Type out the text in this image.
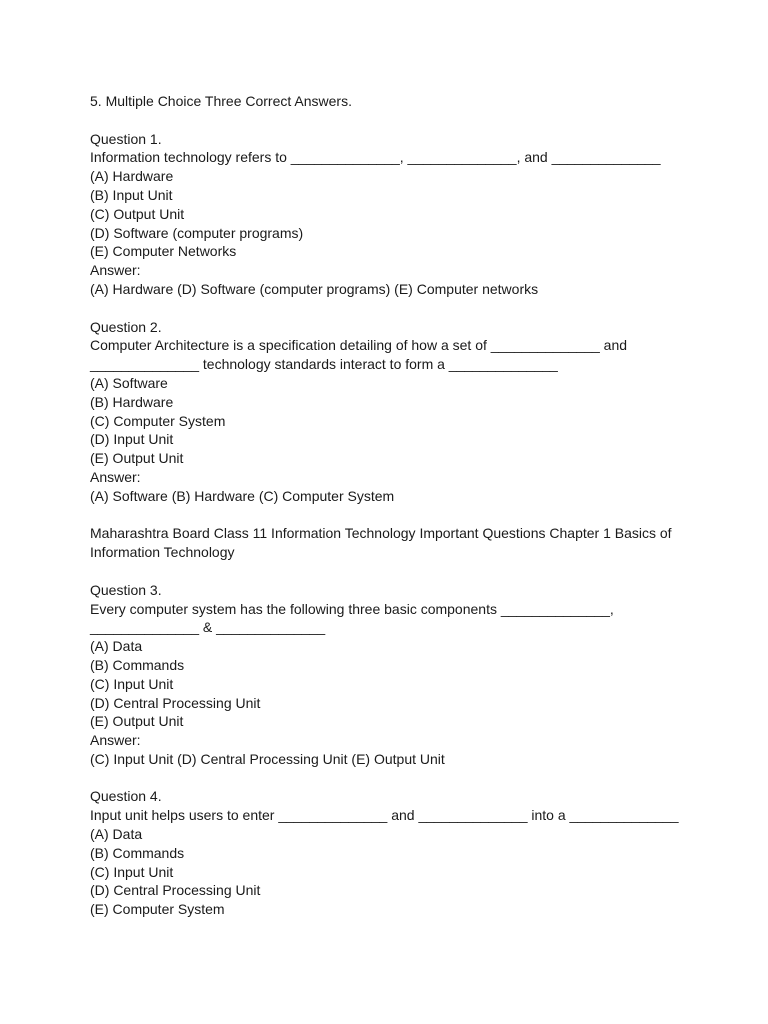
5. Multiple Choice Three Correct Answers.

Question 1.

Information technology refers to ______________, ______________, and ______________

(A) Hardware

(B) Input Unit

(C) Output Unit

(D) Software (computer programs)

(E) Computer Networks

Answer:

(A) Hardware (D) Software (computer programs) (E) Computer networks

Question 2.

Computer Architecture is a specification detailing of how a set of ______________ and

______________ technology standards interact to form a ______________

(A) Software

(B) Hardware

(C) Computer System

(D) Input Unit

(E) Output Unit

Answer:

(A) Software (B) Hardware (C) Computer System

Maharashtra Board Class 11 Information Technology Important Questions Chapter 1 Basics of

Information Technology

Question 3.

Every computer system has the following three basic components ______________,

______________ & ______________

(A) Data

(B) Commands

(C) Input Unit

(D) Central Processing Unit

(E) Output Unit

Answer:

(C) Input Unit (D) Central Processing Unit (E) Output Unit

Question 4.

Input unit helps users to enter ______________ and ______________ into a ______________

(A) Data

(B) Commands

(C) Input Unit

(D) Central Processing Unit

(E) Computer System
